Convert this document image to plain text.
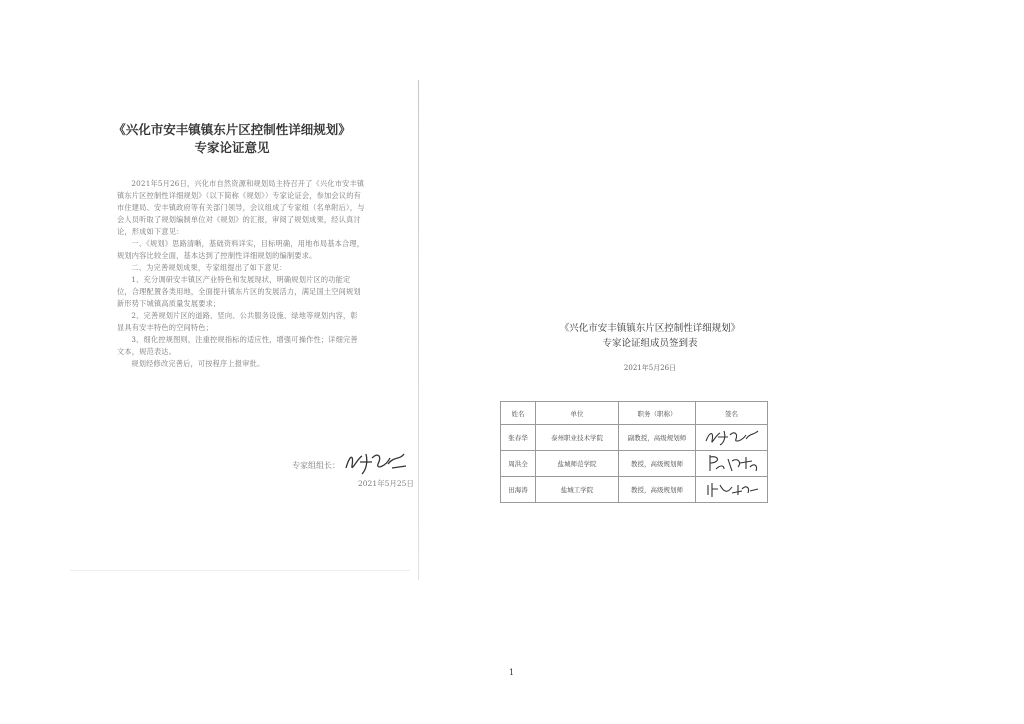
《兴化市安丰镇镇东片区控制性详细规划》
专家论证意见

2021年5月26日，兴化市自然资源和规划局主持召开了《兴化市安丰镇镇东片区控制性详细规划》（以下简称《规划》）专家论证会，参加会议的有市住建局、安丰镇政府等有关部门领导，会议组成了专家组（名单附后），与会人员听取了规划编制单位对《规划》的汇报，审阅了规划成果，经认真讨论，形成如下意见：

一、《规划》思路清晰，基础资料详实，目标明确，用地布局基本合理，规划内容比较全面，基本达到了控制性详细规划的编制要求。

二、为完善规划成果，专家组提出了如下意见：

1、充分调研安丰镇区产业特色和发展现状，明确规划片区的功能定位，合理配置各类用地，全面提升镇东片区的发展活力，满足国土空间规划新形势下城镇高质量发展要求；

2、完善规划片区的道路、竖向、公共服务设施、绿地等规划内容，彰显具有安丰特色的空间特色；

3、细化控规图则，注重控规指标的适应性，增强可操作性；详细完善文本，规范表达。

规划经修改完善后，可按程序上报审批。

专家组组长：
2021年5月25日
《兴化市安丰镇镇东片区控制性详细规划》
专家论证组成员签到表
2021年5月26日
姓名	单位	职务（职称）	签名
张春华	泰州职业技术学院	副教授，高级规划师	
周洪全	盐城师范学院	教授，高级规划师	
田海涛	盐城工学院	教授，高级规划师	
1
